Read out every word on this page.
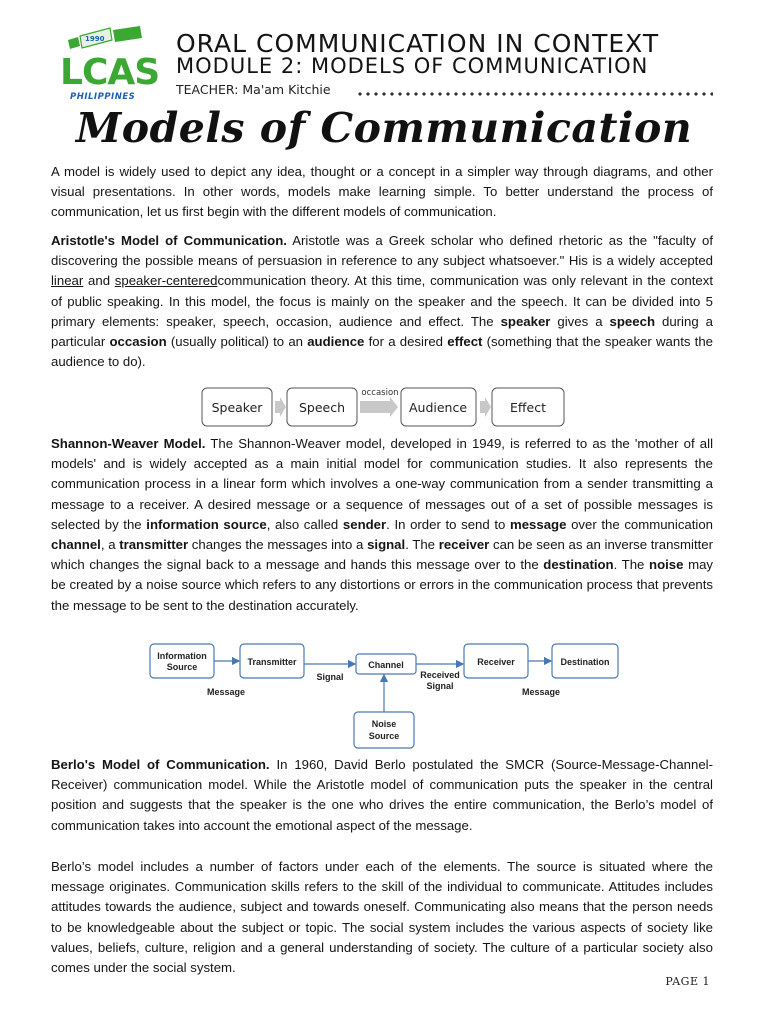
1990
LCAS
PHILIPPINES
ORAL COMMUNICATION IN CONTEXT
MODULE 2: MODELS OF COMMUNICATION
TEACHER: Ma'am Kitchie
Models of Communication

A model is widely used to depict any idea, thought or a concept in a simpler way through diagrams, and other visual presentations. In other words, models make learning simple. To better understand the process of communication, let us first begin with the different models of communication.

Aristotle's Model of Communication. Aristotle was a Greek scholar who defined rhetoric as the "faculty of discovering the possible means of persuasion in reference to any subject whatsoever." His is a widely accepted linear and speaker-centeredcommunication theory. At this time, communication was only relevant in the context of public speaking. In this model, the focus is mainly on the speaker and the speech. It can be divided into 5 primary elements: speaker, speech, occasion, audience and effect. The speaker gives a speech during a particular occasion (usually political) to an audience for a desired effect (something that the speaker wants the audience to do).

Speaker	Speech
occasion
Audience	Effect

Shannon-Weaver Model. The Shannon-Weaver model, developed in 1949, is referred to as the 'mother of all models' and is widely accepted as a main initial model for communication studies. It also represents the communication process in a linear form which involves a one-way communication from a sender transmitting a message to a receiver. A desired message or a sequence of messages out of a set of possible messages is selected by the information source, also called sender. In order to send to message over the communication channel, a transmitter changes the messages into a signal. The receiver can be seen as an inverse transmitter which changes the signal back to a message and hands this message over to the destination. The noise may be created by a noise source which refers to any distortions or errors in the communication process that prevents the message to be sent to the destination accurately.

Information
Source	Transmitter	Channel	Receiver	Destination
Noise
Source
Message
Signal	Received
Signal
Message

Berlo's Model of Communication. In 1960, David Berlo postulated the SMCR (Source-Message-Channel-Receiver) communication model. While the Aristotle model of communication puts the speaker in the central position and suggests that the speaker is the one who drives the entire communication, the Berlo’s model of communication takes into account the emotional aspect of the message.

Berlo’s model includes a number of factors under each of the elements. The source is situated where the message originates. Communication skills refers to the skill of the individual to communicate. Attitudes includes attitudes towards the audience, subject and towards oneself. Communicating also means that the person needs to be knowledgeable about the subject or topic. The social system includes the various aspects of society like values, beliefs, culture, religion and a general understanding of society. The culture of a particular society also comes under the social system.

PAGE 1
